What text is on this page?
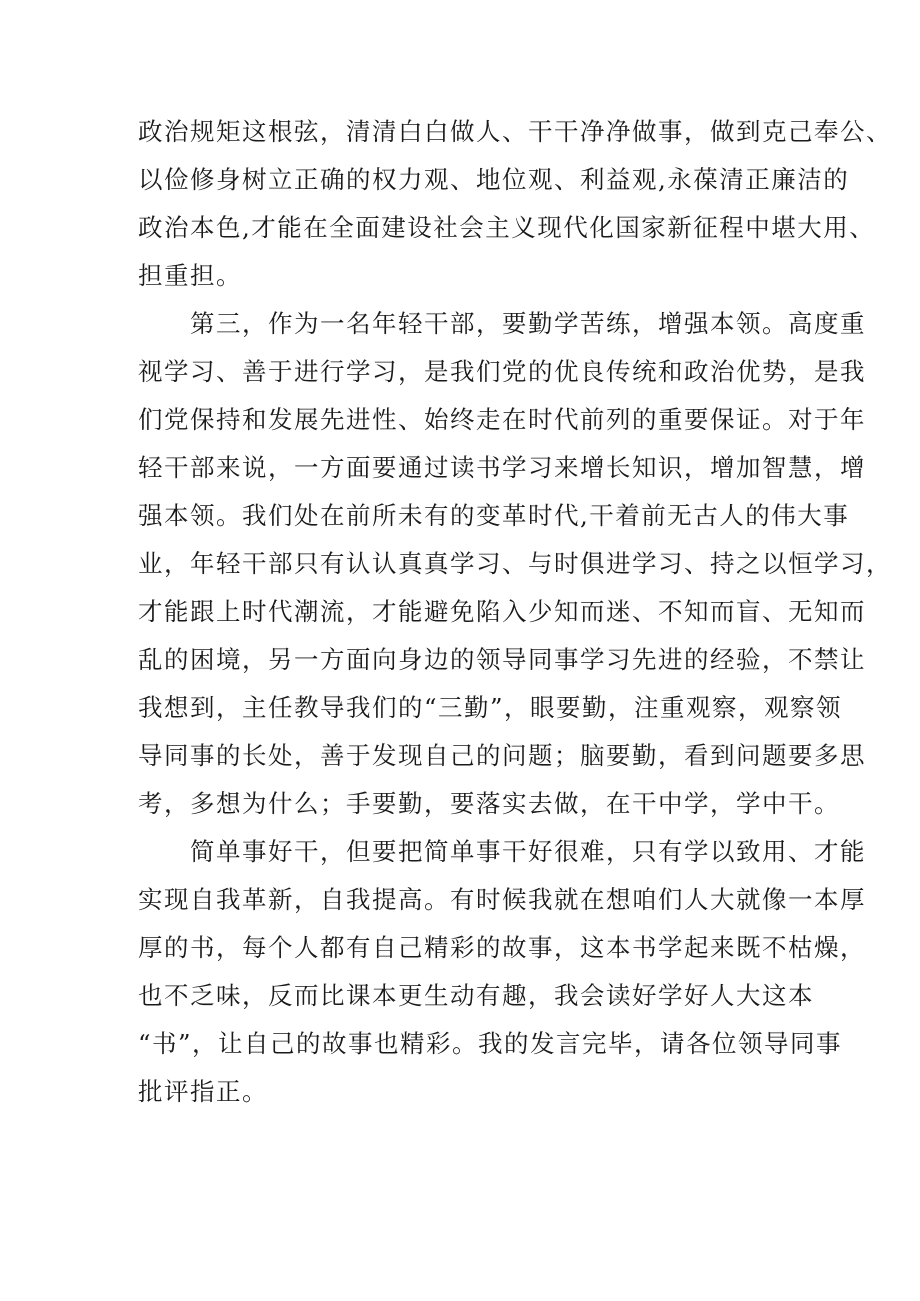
政治规矩这根弦，清清白白做人、干干净净做事，做到克己奉公、
以俭修身树立正确的权力观、地位观、利益观,永葆清正廉洁的
政治本色,才能在全面建设社会主义现代化国家新征程中堪大用、
担重担。
　　第三，作为一名年轻干部，要勤学苦练，增强本领。高度重
视学习、善于进行学习，是我们党的优良传统和政治优势，是我
们党保持和发展先进性、始终走在时代前列的重要保证。对于年
轻干部来说，一方面要通过读书学习来增长知识，增加智慧，增
强本领。我们处在前所未有的变革时代,干着前无古人的伟大事
业，年轻干部只有认认真真学习、与时俱进学习、持之以恒学习，
才能跟上时代潮流，才能避免陷入少知而迷、不知而盲、无知而
乱的困境，另一方面向身边的领导同事学习先进的经验，不禁让
我想到，主任教导我们的“三勤”，眼要勤，注重观察，观察领
导同事的长处，善于发现自己的问题；脑要勤，看到问题要多思
考，多想为什么；手要勤，要落实去做，在干中学，学中干。
　　简单事好干，但要把简单事干好很难，只有学以致用、才能
实现自我革新，自我提高。有时候我就在想咱们人大就像一本厚
厚的书，每个人都有自己精彩的故事，这本书学起来既不枯燥，
也不乏味，反而比课本更生动有趣，我会读好学好人大这本
“书”，让自己的故事也精彩。我的发言完毕，请各位领导同事
批评指正。
